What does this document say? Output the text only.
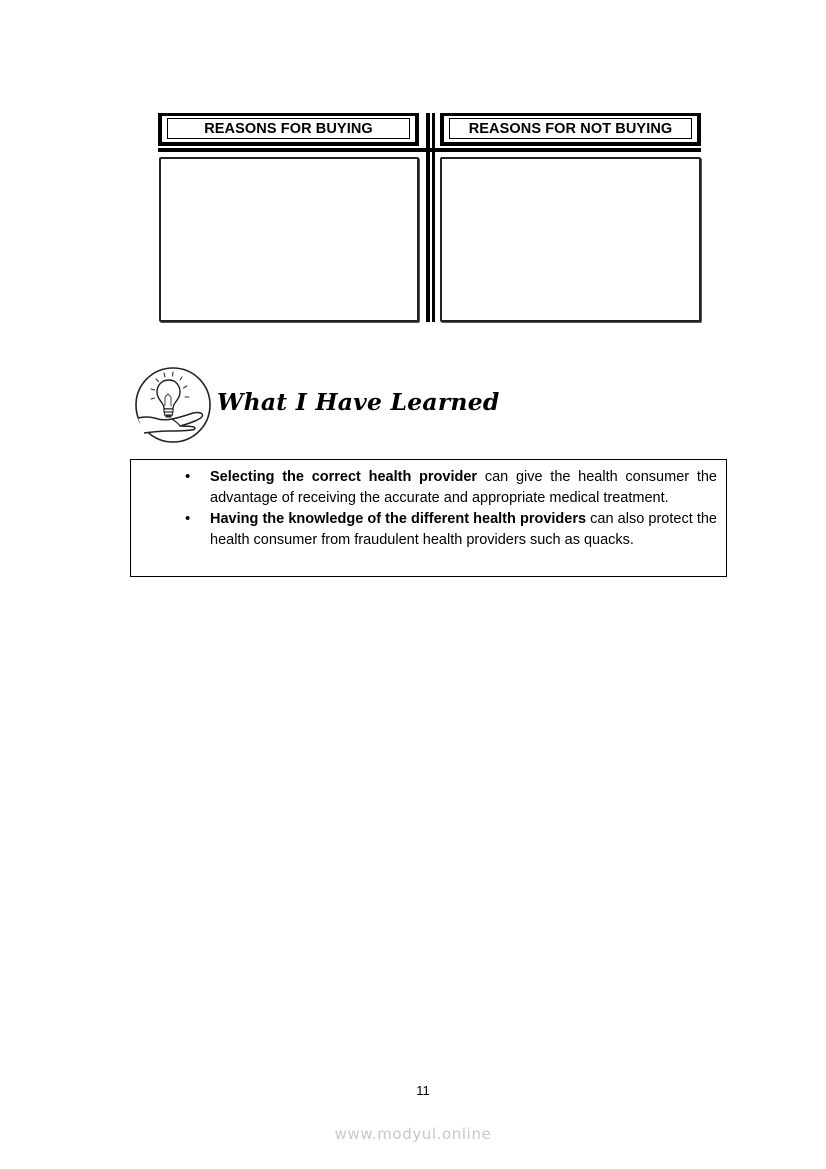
REASONS FOR BUYING	REASONS FOR NOT BUYING
What I Have Learned
• Selecting the correct health provider can give the health consumer the advantage of receiving the accurate and appropriate medical treatment.
• Having the knowledge of the different health providers can also protect the health consumer from fraudulent health providers such as quacks.
11
www.modyul.online
